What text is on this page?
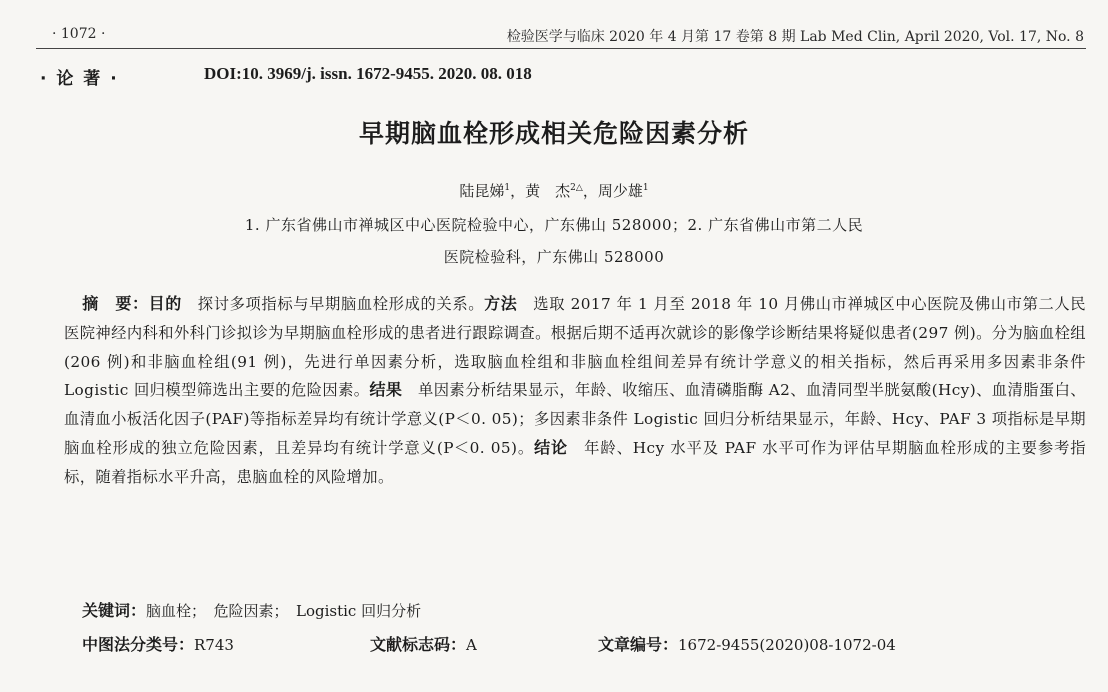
· 1072 ·	检验医学与临床 2020 年 4 月第 17 卷第 8 期 Lab Med Clin, April 2020, Vol. 17, No. 8
· 论 著 ·	DOI:10. 3969/j. issn. 1672-9455. 2020. 08. 018
早期脑血栓形成相关危险因素分析
陆昆娣$^1$，黄　杰$^{2\triangle}$，周少雄$^1$
1. 广东省佛山市禅城区中心医院检验中心，广东佛山 528000；2. 广东省佛山市第二人民
医院检验科，广东佛山 528000
摘　要：目的　探讨多项指标与早期脑血栓形成的关系。方法　选取 2017 年 1 月至 2018 年 10 月佛山市禅城区中心医院及佛山市第二人民医院神经内科和外科门诊拟诊为早期脑血栓形成的患者进行跟踪调查。根据后期不适再次就诊的影像学诊断结果将疑似患者(297 例)。分为脑血栓组(206 例)和非脑血栓组(91 例)，先进行单因素分析，选取脑血栓组和非脑血栓组间差异有统计学意义的相关指标，然后再采用多因素非条件 Logistic 回归模型筛选出主要的危险因素。结果　单因素分析结果显示，年龄、收缩压、血清磷脂酶 A2、血清同型半胱氨酸(Hcy)、血清脂蛋白、血清血小板活化因子(PAF)等指标差异均有统计学意义(P＜0. 05)；多因素非条件 Logistic 回归分析结果显示，年龄、Hcy、PAF 3 项指标是早期脑血栓形成的独立危险因素，且差异均有统计学意义(P＜0. 05)。结论　年龄、Hcy 水平及 PAF 水平可作为评估早期脑血栓形成的主要参考指标，随着指标水平升高，患脑血栓的风险增加。
关键词：脑血栓；　危险因素；　Logistic 回归分析
中图法分类号：R743	文献标志码：A	文章编号：1672-9455(2020)08-1072-04
